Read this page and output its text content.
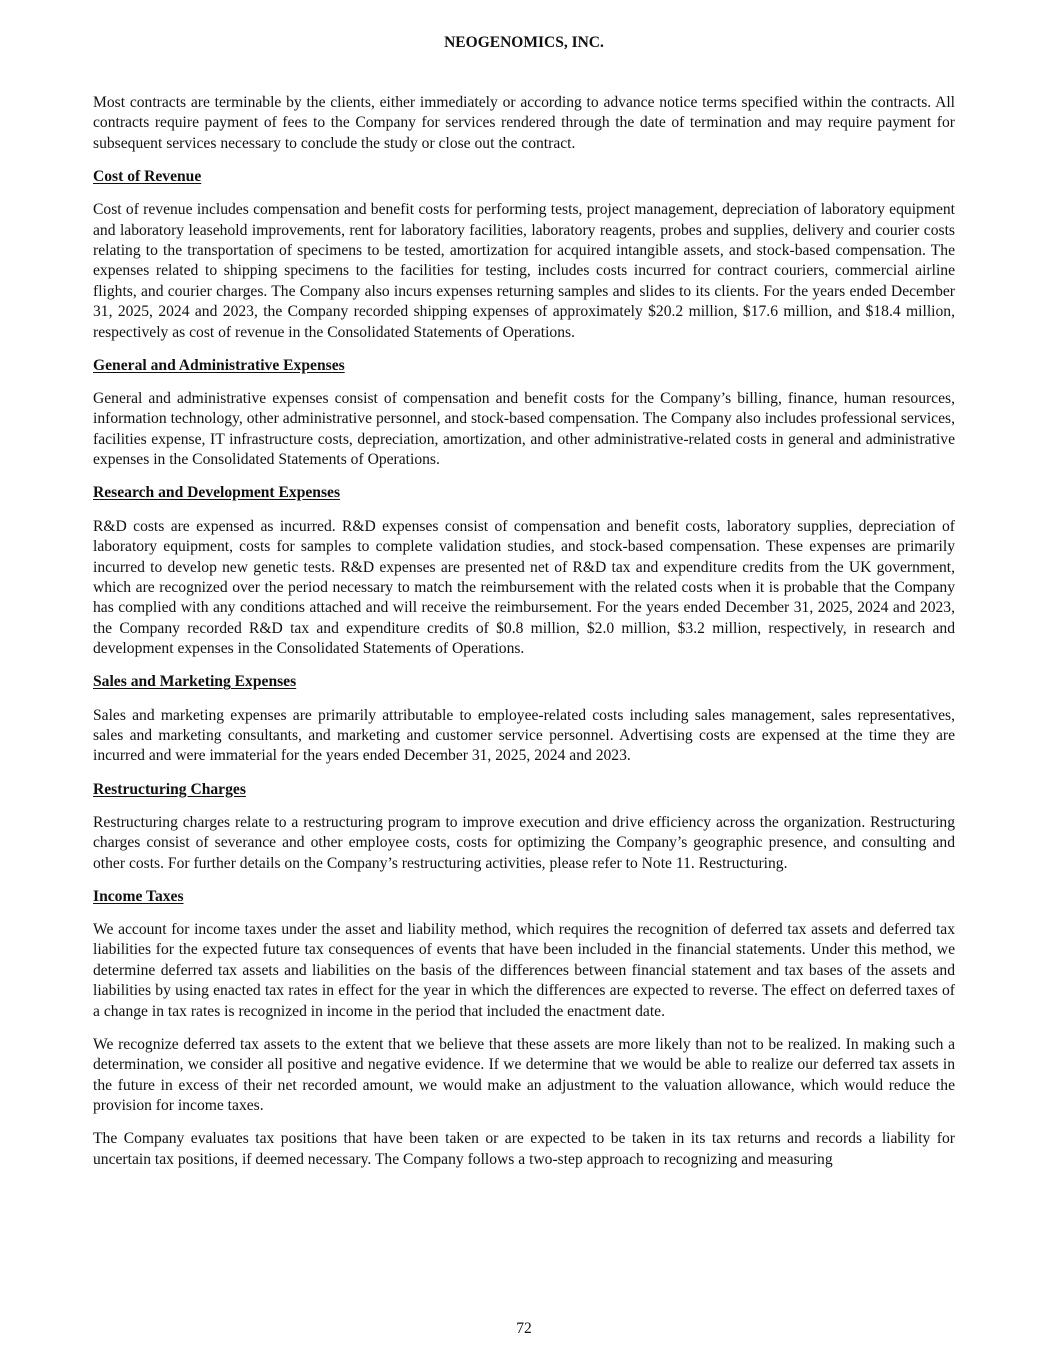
NEOGENOMICS, INC.

Most contracts are terminable by the clients, either immediately or according to advance notice terms specified within the contracts. All contracts require payment of fees to the Company for services rendered through the date of termination and may require payment for subsequent services necessary to conclude the study or close out the contract.

Cost of Revenue

Cost of revenue includes compensation and benefit costs for performing tests, project management, depreciation of laboratory equipment and laboratory leasehold improvements, rent for laboratory facilities, laboratory reagents, probes and supplies, delivery and courier costs relating to the transportation of specimens to be tested, amortization for acquired intangible assets, and stock-based compensation. The expenses related to shipping specimens to the facilities for testing, includes costs incurred for contract couriers, commercial airline flights, and courier charges. The Company also incurs expenses returning samples and slides to its clients. For the years ended December 31, 2025, 2024 and 2023, the Company recorded shipping expenses of approximately $20.2 million, $17.6 million, and $18.4 million, respectively as cost of revenue in the Consolidated Statements of Operations.

General and Administrative Expenses

General and administrative expenses consist of compensation and benefit costs for the Company’s billing, finance, human resources, information technology, other administrative personnel, and stock-based compensation. The Company also includes professional services, facilities expense, IT infrastructure costs, depreciation, amortization, and other administrative-related costs in general and administrative expenses in the Consolidated Statements of Operations.

Research and Development Expenses

R&D costs are expensed as incurred. R&D expenses consist of compensation and benefit costs, laboratory supplies, depreciation of laboratory equipment, costs for samples to complete validation studies, and stock-based compensation. These expenses are primarily incurred to develop new genetic tests. R&D expenses are presented net of R&D tax and expenditure credits from the UK government, which are recognized over the period necessary to match the reimbursement with the related costs when it is probable that the Company has complied with any conditions attached and will receive the reimbursement. For the years ended December 31, 2025, 2024 and 2023, the Company recorded R&D tax and expenditure credits of $0.8 million, $2.0 million, $3.2 million, respectively, in research and development expenses in the Consolidated Statements of Operations.

Sales and Marketing Expenses

Sales and marketing expenses are primarily attributable to employee-related costs including sales management, sales representatives, sales and marketing consultants, and marketing and customer service personnel. Advertising costs are expensed at the time they are incurred and were immaterial for the years ended December 31, 2025, 2024 and 2023.

Restructuring Charges

Restructuring charges relate to a restructuring program to improve execution and drive efficiency across the organization. Restructuring charges consist of severance and other employee costs, costs for optimizing the Company’s geographic presence, and consulting and other costs. For further details on the Company’s restructuring activities, please refer to Note 11. Restructuring.

Income Taxes

We account for income taxes under the asset and liability method, which requires the recognition of deferred tax assets and deferred tax liabilities for the expected future tax consequences of events that have been included in the financial statements. Under this method, we determine deferred tax assets and liabilities on the basis of the differences between financial statement and tax bases of the assets and liabilities by using enacted tax rates in effect for the year in which the differences are expected to reverse. The effect on deferred taxes of a change in tax rates is recognized in income in the period that included the enactment date.

We recognize deferred tax assets to the extent that we believe that these assets are more likely than not to be realized. In making such a determination, we consider all positive and negative evidence. If we determine that we would be able to realize our deferred tax assets in the future in excess of their net recorded amount, we would make an adjustment to the valuation allowance, which would reduce the provision for income taxes.

The Company evaluates tax positions that have been taken or are expected to be taken in its tax returns and records a liability for uncertain tax positions, if deemed necessary. The Company follows a two-step approach to recognizing and measuring

72
